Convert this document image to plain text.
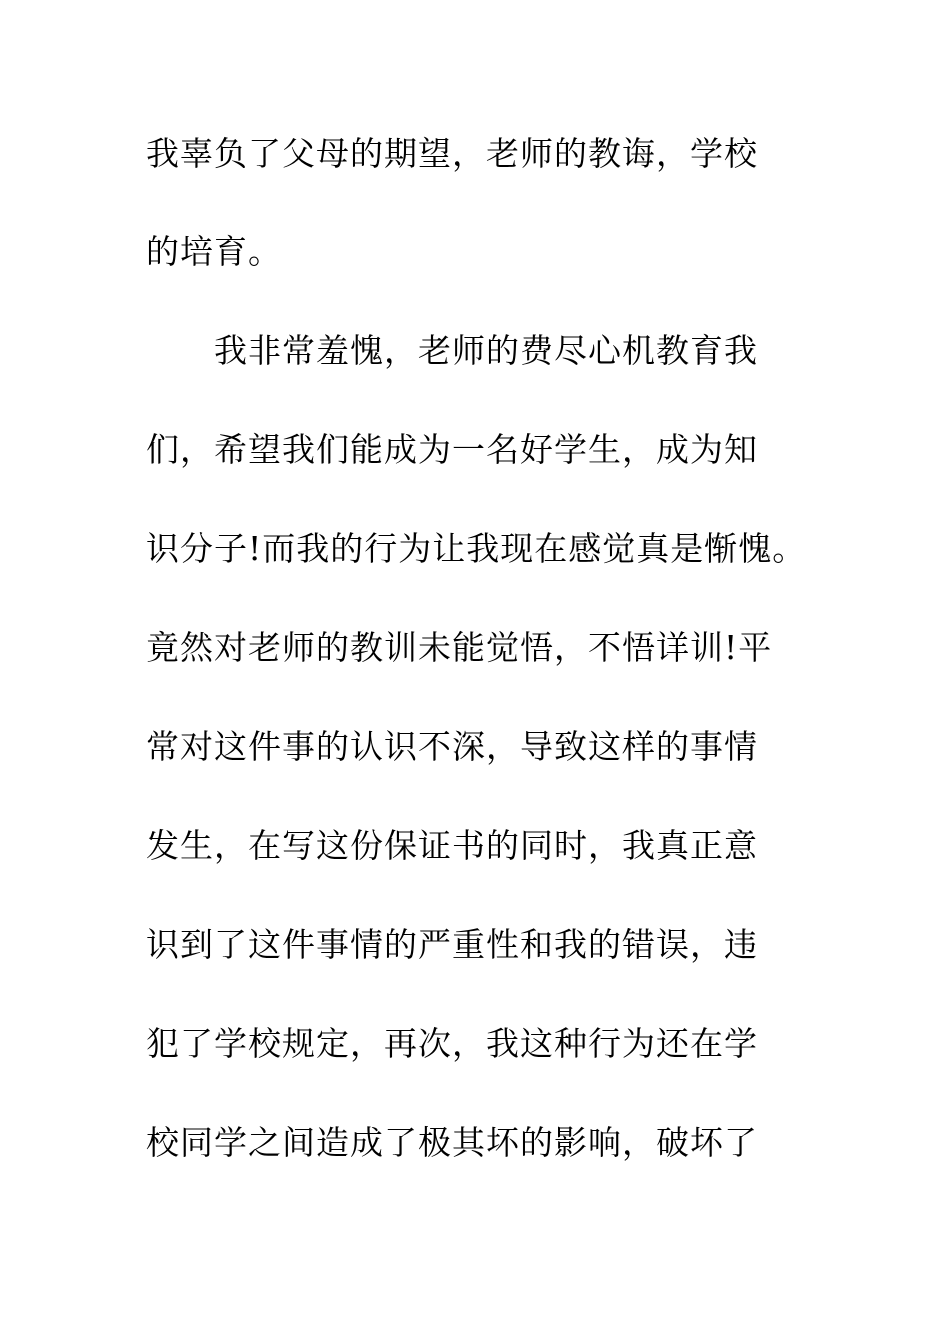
我辜负了父母的期望，老师的教诲，学校
的培育。
　　我非常羞愧，老师的费尽心机教育我
们，希望我们能成为一名好学生，成为知
识分子!而我的行为让我现在感觉真是惭愧。
竟然对老师的教训未能觉悟，不悟详训!平
常对这件事的认识不深，导致这样的事情
发生，在写这份保证书的同时，我真正意
识到了这件事情的严重性和我的错误，违
犯了学校规定，再次，我这种行为还在学
校同学之间造成了极其坏的影响，破坏了
